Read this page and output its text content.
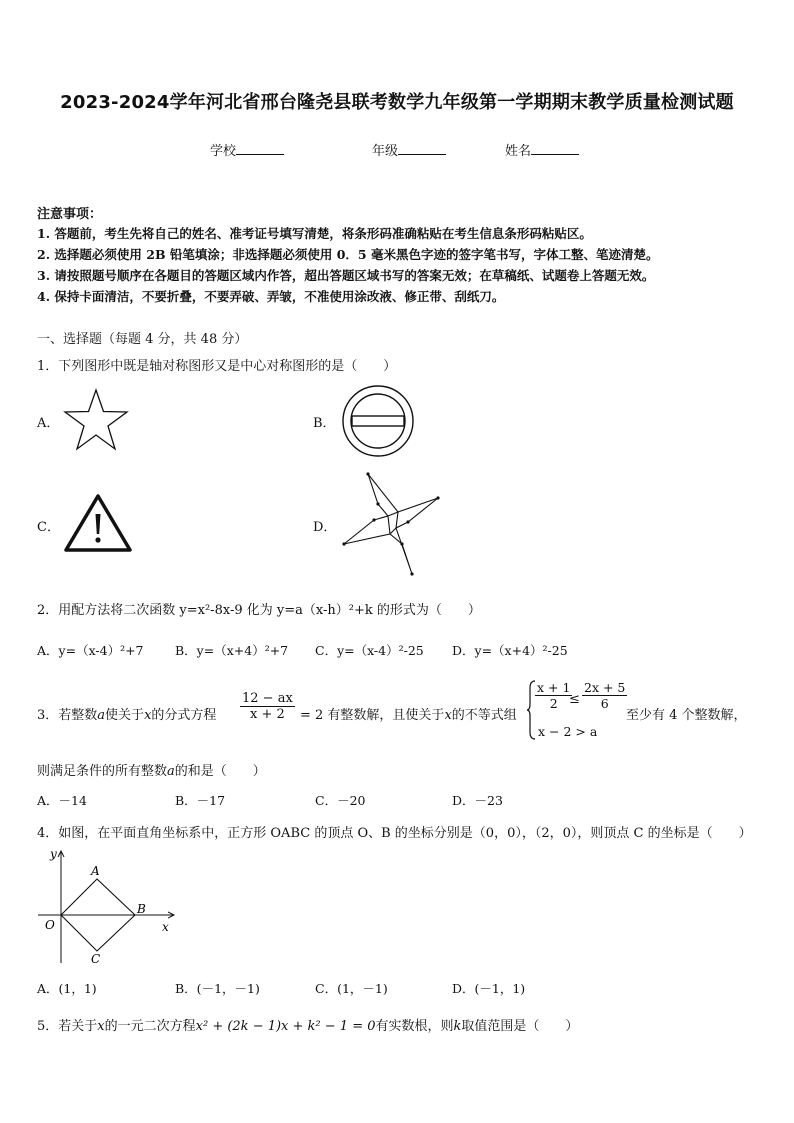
2023-2024学年河北省邢台隆尧县联考数学九年级第一学期期末教学质量检测试题
学校	年级	姓名
注意事项：
1. 答题前，考生先将自己的姓名、准考证号填写清楚，将条形码准确粘贴在考生信息条形码粘贴区。
2. 选择题必须使用 2B 铅笔填涂；非选择题必须使用 0．5 毫米黑色字迹的签字笔书写，字体工整、笔迹清楚。
3. 请按照题号顺序在各题目的答题区域内作答，超出答题区域书写的答案无效；在草稿纸、试题卷上答题无效。
4. 保持卡面清洁，不要折叠，不要弄破、弄皱，不准使用涂改液、修正带、刮纸刀。
一、选择题（每题 4 分，共 48 分）
1．下列图形中既是轴对称图形又是中心对称图形的是（　　）
A．	B．
C．	D．
2．用配方法将二次函数 y=x²-8x-9 化为 y=a（x-h）²+k 的形式为（　　）
A．y=（x-4）²+7	B．y=（x+4）²+7 C．y=（x-4）²-25 D．y=（x+4）²-25
3．若整数a使关于x的分式方程 $\frac{12 - ax}{x + 2} = 2$ 有整数解，且使关于x的不等式组
$\frac{x + 1}{2}$
≤ $\frac{2x + 5}{6}$
x − 2 > a
至少有 4 个整数解，
则满足条件的所有整数a的和是（　　）
A．－14	B．－17	C．－20	D．－23
4．如图，在平面直角坐标系中，正方形 OABC 的顶点 O、B 的坐标分别是（0，0），（2，0），则顶点 C 的坐标是（　　）
y
x
O
A
B
C
A．(1，1)	B．(－1，－1)	C．(1，－1)	D．(－1，1)
5．若关于x的一元二次方程x² + (2k − 1)x + k² − 1 = 0有实数根，则k取值范围是（　　）
